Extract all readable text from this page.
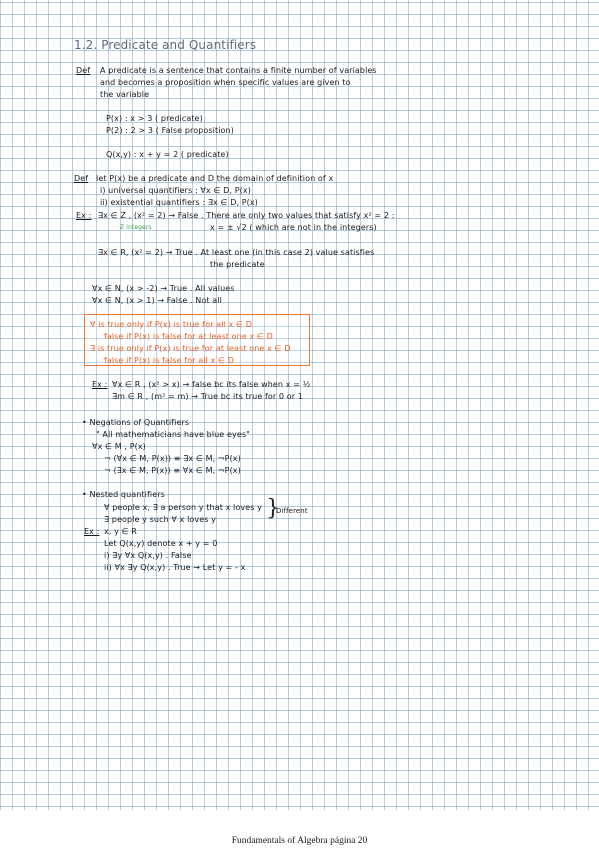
1.2. Predicate and Quantifiers
Def A predicate is a sentence that contains a finite number of variables
and becomes a proposition when specific values are given to
the variable
P(x) : x > 3 ( predicate)
P(2) : 2 > 3 ( False proposition)
Q(x,y) : x + y = 2 ( predicate)
Def let P(x) be a predicate and D the domain of definition of x
i) universal quantifiers : ∀x ∈ D, P(x)
ii) existential quantifiers : ∃x ∈ D, P(x)
Ex : ∃x ∈ Z , (x² = 2) → False . There are only two values that satisfy x² = 2 :
Z integers	x = ± √2 ( which are not in the integers)
∃x ∈ R, (x² = 2) → True . At least one (in this case 2) value satisfies
the predicate
∀x ∈ N, (x > -2) → True . All values
∀x ∈ N, (x > 1) → False . Not all
∀ is true only if P(x) is true for all x ∈ D
false if P(x) is false for at least one x ∈ D
∃ is true only if P(x) is true for at least one x ∈ D
false if P(x) is false for all x ∈ D
Ex : ∀x ∈ R , (x² > x) → false bc its false when x = ½
∃m ∈ R , (m² = m) → True bc its true for 0 or 1
• Negations of Quantifiers
" All mathematicians have blue eyes"
∀x ∈ M , P(x)
¬ (∀x ∈ M, P(x)) ≡ ∃x ∈ M, ¬P(x)
¬ (∃x ∈ M, P(x)) ≡ ∀x ∈ M, ¬P(x)
• Nested quantifiers
∀ people x, ∃ a person y that x loves y
∃ people y such ∀ x loves y }
Different
Ex : x, y ∈ R
Let Q(x,y) denote x + y = 0
i) ∃y ∀x Q(x,y) . False
ii) ∀x ∃y Q(x,y) . True → Let y = - x
Fundamentals of Algebra página 20
